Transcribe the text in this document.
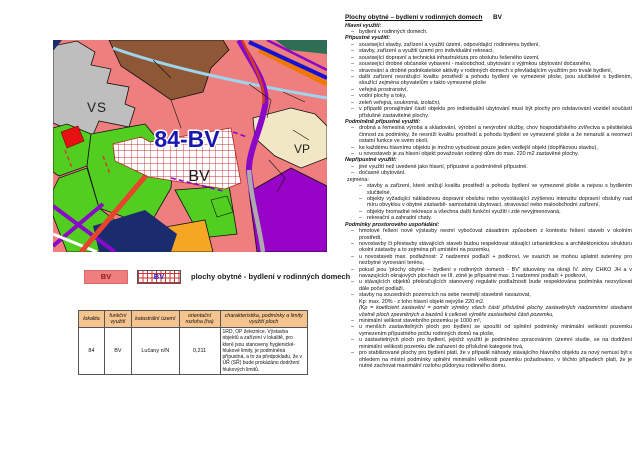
VS
VP
84-BV
BV
BV	BV	plochy obytné - bydlení v rodinných domech
lokalita	funkční využití	katastrální území	orientační rozloha (ha)	charakteristika, podmínky a limity využití ploch
84	BV	Lučany n/N	0,211	1RD, OP železnice. Výstavba objektů a zařízení v lokalitě, pro které jsou stanoveny hygienické-hlukové limity, je podmíněná přípustná, a to za předpokladu, že v ÚŘ (SŘ) bude prokázáno dodržení hlukových limitů.
Plochy obytné – bydlení v rodinných domech BV
Hlavní využití:
– bydlení v rodinných domech.
Přípustné využití:
– související stavby, zařízení a využití území, odpovídající rodinnému bydlení,
– stavby, zařízení a využití území pro individuální rekreaci,
– související dopravní a technická infrastruktura pro obsluhu řešeného území,
– související drobné občanské vybavení - maloobchod, ubytování s výjimkou ubytování dočasného,
– stravování a drobné podnikatelské aktivity v rodinných domech s převládajícím využitím pro trvalé bydlení,
– další zařízení nesnižující kvalitu prostředí a pohodu bydlení ve vymezené ploše, jsou slučitelné s bydlením, sloužící zejména obyvatelům v takto vymezené ploše
– veřejná prostranství,
– vodní plochy a toky,
– zeleň veřejná, soukromá, izolační,
– v případě pronajímání částí objektu pro individuální ubytování musí být plochy pro odstavování vozidel součástí příslušné zastavitelné plochy.
Podmíněně přípustné využití:
– drobná a řemeslná výroba a skladování, výrobní a nevýrobní služby, chov hospodářského zvířectva a pěstitelská činnost za podmínky, že nesníží kvalitu prostředí a pohodu bydlení ve vymezené ploše a že nenaruší a neomezí ostatní funkce ve svém okolí,
– ke každému hlavnímu objektu je možno vybudovat pouze jeden vedlejší objekt (doplňkovou stavbu),
– u novostaveb je za hlavní objekt považován rodinný dům do max. 220 m2 zastavěné plochy.
Nepřípustné využití:
– jiné využití než uvedené jako hlavní, přípustné a podmíněně přípustné.
– dočasné ubytování.
zejména:
– stavby a zařízení, které snižují kvalitu prostředí a pohodu bydlení ve vymezené ploše a nejsou s bydlením slučitelné,
– objekty vyžadující nákladovou dopravní obsluhu nebo vyvolávající zvýšenou intenzitu dopravní obsluhy nad míru obvyklou v obytné zástavbě- samostatná ubytovací, stravovací nebo maloobchodní zařízení,
– objekty hromadné rekreace a všechna další funkční využití i zde nevyjmenovaná,
– rekreační a zahradní chaty.
Podmínky prostorového uspořádání:
– hmotové řešení nové výstavby nesmí vybočovat zásadním způsobem z kontextu řešení staveb v okolním prostředí,
– novostavby či přestavby stávajících staveb budou respektovat stávající urbanistickou a architektonickou strukturu okolní zástavby a to zejména při umístění na pozemku,
– u novostaveb max. podlažnost: 2 nadzemní podlaží + podkroví, ve svazích se mohou uplatnit suterény pro nezbytné vyrovnání terénu,
– pokud jsou 'plochy obytné – bydlení v rodinných domech - BV' situovány na okraji IV. zóny CHKO JH a v navazujících okrajových plochách ve III. zóně je přípustné max. 1 nadzemní podlaží + podkroví,
– u stávajících objektů překračujících stanovený regulativ podlažnosti bude respektována podmínka nezvyšovat dále počet podlaží,
– stavby na sousedních pozemcích na sebe nesmějí stavebně navazovat,
Kp: max. 20% - z toho hlavní objekt nejvýše 220 m2.
(Kp = koeficient zastavění = poměr výměry všech částí příslušné plochy zastavěných nadzemními stavbami včetně ploch zpevněných a bazénů k celkové výměře zastavitelné části pozemku,
– minimální velikost stavebního pozemku je 1000 m²,
– u menších zastavitelných ploch pro bydlení se upouští od splnění podmínky minimální velikosti pozemku vymezením přípustného počtu rodinných domů na ploše,
– u zastavitelných ploch pro bydlení, jejichž využití je podmíněno zpracováním územní studie, se na dodržení minimální velikosti pozemku dle zařazení do příslušné kategorie trvá,
– pro stabilizované plochy pro bydlení platí, že v případě náhrady stávajícího hlavního objektu za nový nemusí být s ohledem na místní podmínky splnění minimální velikosti pozemku požadováno, v těchto případech platí, že je nutné zachovat maximální rozlohu půdorysu rodinného domu.
